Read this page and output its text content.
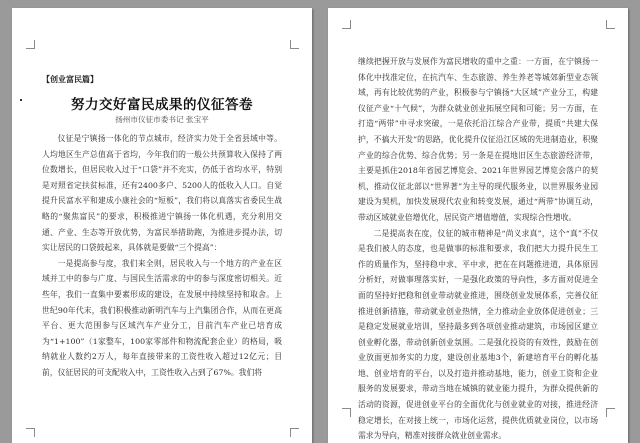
【创业富民篇】
努力交好富民成果的仪征答卷
扬州市仪征市委书记 张宝平

仪征是宁镇扬一体化的节点城市，经济实力处于全省县域中等。人均地区生产总值高于省均，今年我们的一般公共预算收入保持了两位数增长，但居民收入过于“口袋”并不充实，仍低于省均水平，特别是对照省定扶贫标准，还有2400多户、5200人的低收入人口。自觉提升民富水平和建成小康社会的“短板”，我们将以真落实省委民生战略的“聚焦富民”的要求，积极推进宁镇扬一体化机遇，充分利用交通、产业、生态等开放优势，为富民举措助跑，为推进步提办法，切实让居民的口袋鼓起来，具体就是要做“三个提高”：

一是提高参与度，我们来全则，居民收入与一个地方的产业在区域并工中的参与广度、与国民生活需求的中的参与深度密切相关。近些年，我们一直集中要素形成的建设，在发展中持续坚持和取舍。上世纪90年代末，我们积极推动新明汽车与上汽集团合作，从而在更高平台、更大范围参与区域汽车产业分工，目前汽车产业已培育成为“1+100”（1家整车，100家零部件和物流配套企业）的格局，吸纳就业人数约2万人，每年直接带来的工资性收入超过12亿元；目前，仪征居民的可支配收入中，工资性收入占到了67%。我们将

继续把握开放与发展作为富民增收的重中之重：一方面，在宁镇扬一体化中找准定位，在抗汽车、生态旅游、养生养老等城郊新型业态领域，再有比较优势的产业，积极参与宁镇扬“大区域”产业分工，构建仪征产业“十气候”，为群众就业创业拓展空间和可能；另一方面，在打造“两带”中寻求突破，一是依托沿江综合产业带，提质“共建大保护，不搞大开发”的思路，优化提升仪征沿江区域的先进制造业，积聚产业的综合优势、综合优势；另一条是在提地旧区生态旅游经济带，主要是抓住2018年省园艺博览会、2021年世界园艺博览会落户的契机，推动仪征北部以“世界著”为主导的现代服务业，以世界服务业园建设为契机，加快发展现代农业和转变发展，通过“两带”协调互动，带动区域就业倍增优化，居民资产增值增值，实现综合性增收。

二是提高表在度，仪征的城市精神是“尚义求真”，这个“真”不仅是我们被人的态度，也是做事的标准和要求，我们把大力提升民生工作的质量作为，坚持稳中求、平中求，把在在问题推进道，具体原因分析好，对做事理落实好，一是强化政策的导向性，多方面对促进全面的坚持好把稳和创业带动就业推进，围绕创业发展体系，完善仪征推进创新措施，带动就业创业热情，全力推动企业放体促进创业；三是稳定发展就业培训，坚持最多到各项创业推动建筑，市场园区建立创业孵化器，带动创新创业氛围。二是强化投资的有效性，鼓励在创业放面更加务实的力度，建设创业基地3个，新建培育平台的孵化基地、创业培育的平台，以及打造并推动基地，能力，创业工资和企业服务的发展要求，带动当地在城镇的就业能力提升，为群众提供新的活动的资源，促进创业平台的全面优化与创业就业的对接，推进经济稳定增长，在对接上统一，市场化运营，提供优质就业岗位，以市场需求为导向，精准对接群众就业创业需求。
